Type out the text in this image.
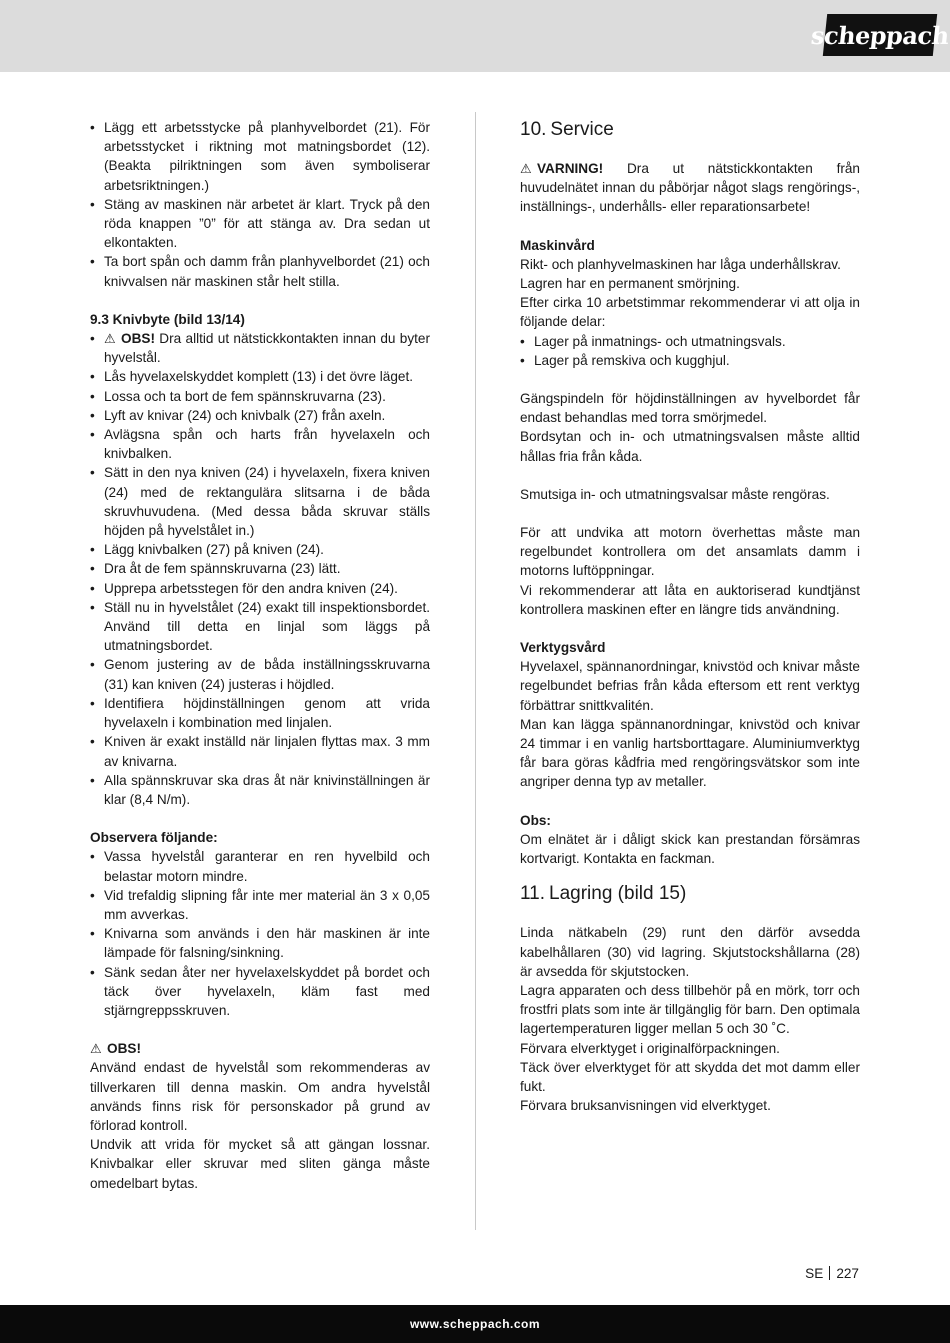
scheppach
• Lägg ett arbetsstycke på planhyvelbordet (21). För arbetsstycket i riktning mot matningsbordet (12). (Beakta pilriktningen som även symboliserar arbetsriktningen.)
• Stäng av maskinen när arbetet är klart. Tryck på den röda knappen ”0” för att stänga av. Dra sedan ut elkontakten.
• Ta bort spån och damm från planhyvelbordet (21) och knivvalsen när maskinen står helt stilla.

9.3 Knivbyte (bild 13/14)

• ⚠ OBS! Dra alltid ut nätstickkontakten innan du byter hyvelstål.
• Lås hyvelaxelskyddet komplett (13) i det övre läget.
• Lossa och ta bort de fem spännskruvarna (23).
• Lyft av knivar (24) och knivbalk (27) från axeln.
• Avlägsna spån och harts från hyvelaxeln och knivbalken.
• Sätt in den nya kniven (24) i hyvelaxeln, fixera kniven (24) med de rektangulära slitsarna i de båda skruvhuvudena. (Med dessa båda skruvar ställs höjden på hyvelstålet in.)
• Lägg knivbalken (27) på kniven (24).
• Dra åt de fem spännskruvarna (23) lätt.
• Upprepa arbetsstegen för den andra kniven (24).
• Ställ nu in hyvelstålet (24) exakt till inspektionsbordet. Använd till detta en linjal som läggs på utmatningsbordet.
• Genom justering av de båda inställningsskruvarna (31) kan kniven (24) justeras i höjdled.
• Identifiera höjdinställningen genom att vrida hyvelaxeln i kombination med linjalen.
• Kniven är exakt inställd när linjalen flyttas max. 3 mm av knivarna.
• Alla spännskruvar ska dras åt när knivinställningen är klar (8,4 N/m).

Observera följande:

• Vassa hyvelstål garanterar en ren hyvelbild och belastar motorn mindre.
• Vid trefaldig slipning får inte mer material än 3 x 0,05 mm avverkas.
• Knivarna som används i den här maskinen är inte lämpade för falsning/sinkning.
• Sänk sedan åter ner hyvelaxelskyddet på bordet och täck över hyvelaxeln, kläm fast med stjärngreppsskruven.

⚠ OBS!

Använd endast de hyvelstål som rekommenderas av tillverkaren till denna maskin. Om andra hyvelstål används finns risk för personskador på grund av förlorad kontroll.

Undvik att vrida för mycket så att gängan lossnar. Knivbalkar eller skruvar med sliten gänga måste omedelbart bytas.

10. Service

⚠ VARNING! Dra ut nätstickkontakten från huvudelnätet innan du påbörjar något slags rengörings-, inställnings-, underhålls- eller reparationsarbete!

Maskinvård

Rikt- och planhyvelmaskinen har låga underhållskrav.

Lagren har en permanent smörjning.

Efter cirka 10 arbetstimmar rekommenderar vi att olja in följande delar:

• Lager på inmatnings- och utmatningsvals.
• Lager på remskiva och kugghjul.

Gängspindeln för höjdinställningen av hyvelbordet får endast behandlas med torra smörjmedel.

Bordsytan och in- och utmatningsvalsen måste alltid hållas fria från kåda.

Smutsiga in- och utmatningsvalsar måste rengöras.

För att undvika att motorn överhettas måste man regelbundet kontrollera om det ansamlats damm i motorns luftöppningar.

Vi rekommenderar att låta en auktoriserad kundtjänst kontrollera maskinen efter en längre tids användning.

Verktygsvård

Hyvelaxel, spännanordningar, knivstöd och knivar måste regelbundet befrias från kåda eftersom ett rent verktyg förbättrar snittkvalitén.

Man kan lägga spännanordningar, knivstöd och knivar 24 timmar i en vanlig hartsborttagare. Aluminiumverktyg får bara göras kådfria med rengöringsvätskor som inte angriper denna typ av metaller.

Obs:

Om elnätet är i dåligt skick kan prestandan försämras kortvarigt. Kontakta en fackman.

11. Lagring (bild 15)

Linda nätkabeln (29) runt den därför avsedda kabelhållaren (30) vid lagring. Skjutstockshållarna (28) är avsedda för skjutstocken.

Lagra apparaten och dess tillbehör på en mörk, torr och frostfri plats som inte är tillgänglig för barn. Den optimala lagertemperaturen ligger mellan 5 och 30 ˚C.

Förvara elverktyget i originalförpackningen.

Täck över elverktyget för att skydda det mot damm eller fukt.

Förvara bruksanvisningen vid elverktyget.

SE 227
www.scheppach.com
